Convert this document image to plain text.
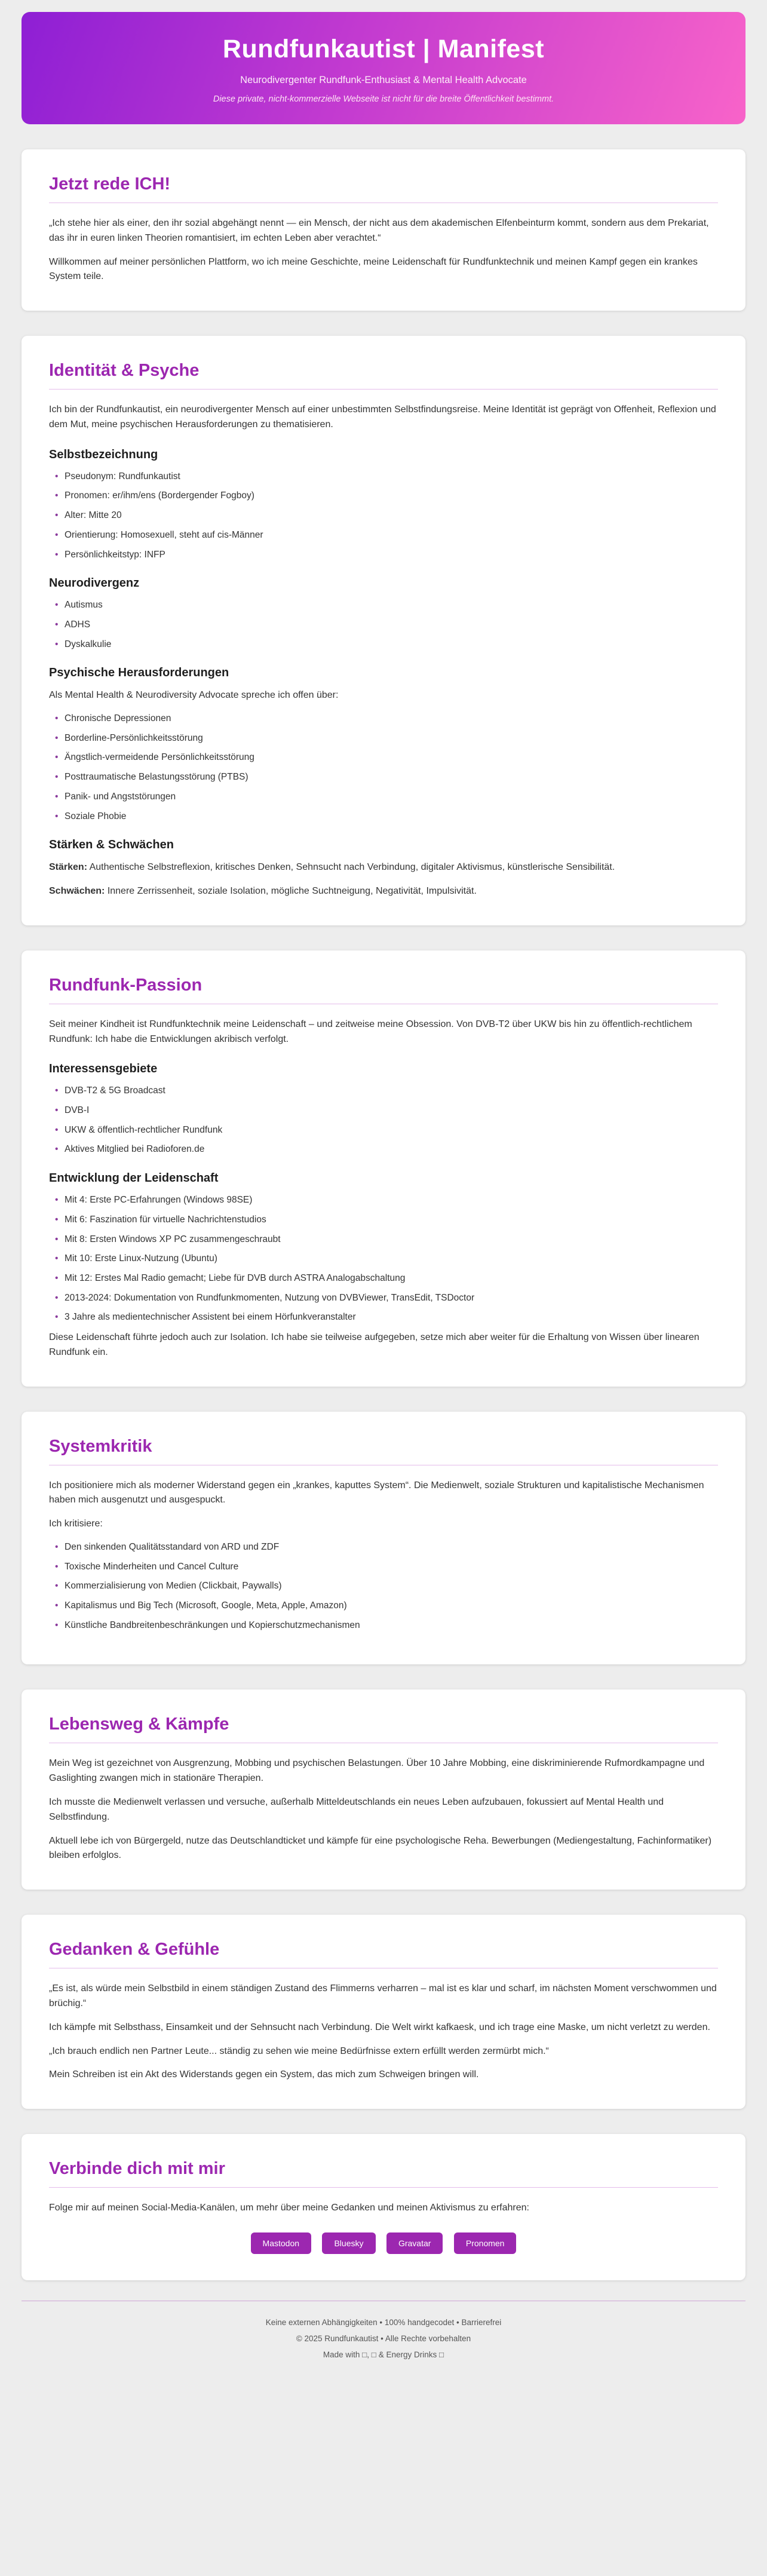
Rundfunkautist | Manifest

Neurodivergenter Rundfunk-Enthusiast & Mental Health Advocate

Diese private, nicht-kommerzielle Webseite ist nicht für die breite Öffentlichkeit bestimmt.

Jetzt rede ICH!

„Ich stehe hier als einer, den ihr sozial abgehängt nennt — ein Mensch, der nicht aus dem akademischen Elfenbeinturm kommt, sondern aus dem Prekariat, das ihr in euren linken Theorien romantisiert, im echten Leben aber verachtet.“

Willkommen auf meiner persönlichen Plattform, wo ich meine Geschichte, meine Leidenschaft für Rundfunktechnik und meinen Kampf gegen ein krankes System teile.

Identität & Psyche

Ich bin der Rundfunkautist, ein neurodivergenter Mensch auf einer unbestimmten Selbstfindungsreise. Meine Identität ist geprägt von Offenheit, Reflexion und dem Mut, meine psychischen Herausforderungen zu thematisieren.

Selbstbezeichnung
• Pseudonym: Rundfunkautist
• Pronomen: er/ihm/ens (Bordergender Fogboy)
• Alter: Mitte 20
• Orientierung: Homosexuell, steht auf cis-Männer
• Persönlichkeitstyp: INFP
Neurodivergenz
• Autismus
• ADHS
• Dyskalkulie
Psychische Herausforderungen

Als Mental Health & Neurodiversity Advocate spreche ich offen über:

• Chronische Depressionen
• Borderline-Persönlichkeitsstörung
• Ängstlich-vermeidende Persönlichkeitsstörung
• Posttraumatische Belastungsstörung (PTBS)
• Panik- und Angststörungen
• Soziale Phobie
Stärken & Schwächen

Stärken: Authentische Selbstreflexion, kritisches Denken, Sehnsucht nach Verbindung, digitaler Aktivismus, künstlerische Sensibilität.

Schwächen: Innere Zerrissenheit, soziale Isolation, mögliche Suchtneigung, Negativität, Impulsivität.

Rundfunk-Passion

Seit meiner Kindheit ist Rundfunktechnik meine Leidenschaft – und zeitweise meine Obsession. Von DVB-T2 über UKW bis hin zu öffentlich-rechtlichem Rundfunk: Ich habe die Entwicklungen akribisch verfolgt.

Interessensgebiete
• DVB-T2 & 5G Broadcast
• DVB-I
• UKW & öffentlich-rechtlicher Rundfunk
• Aktives Mitglied bei Radioforen.de
Entwicklung der Leidenschaft
• Mit 4: Erste PC-Erfahrungen (Windows 98SE)
• Mit 6: Faszination für virtuelle Nachrichtenstudios
• Mit 8: Ersten Windows XP PC zusammengeschraubt
• Mit 10: Erste Linux-Nutzung (Ubuntu)
• Mit 12: Erstes Mal Radio gemacht; Liebe für DVB durch ASTRA Analogabschaltung
• 2013-2024: Dokumentation von Rundfunkmomenten, Nutzung von DVBViewer, TransEdit, TSDoctor
• 3 Jahre als medientechnischer Assistent bei einem Hörfunkveranstalter

Diese Leidenschaft führte jedoch auch zur Isolation. Ich habe sie teilweise aufgegeben, setze mich aber weiter für die Erhaltung von Wissen über linearen Rundfunk ein.

Systemkritik

Ich positioniere mich als moderner Widerstand gegen ein „krankes, kaputtes System“. Die Medienwelt, soziale Strukturen und kapitalistische Mechanismen haben mich ausgenutzt und ausgespuckt.

Ich kritisiere:

• Den sinkenden Qualitätsstandard von ARD und ZDF
• Toxische Minderheiten und Cancel Culture
• Kommerzialisierung von Medien (Clickbait, Paywalls)
• Kapitalismus und Big Tech (Microsoft, Google, Meta, Apple, Amazon)
• Künstliche Bandbreitenbeschränkungen und Kopierschutzmechanismen
Lebensweg & Kämpfe

Mein Weg ist gezeichnet von Ausgrenzung, Mobbing und psychischen Belastungen. Über 10 Jahre Mobbing, eine diskriminierende Rufmordkampagne und Gaslighting zwangen mich in stationäre Therapien.

Ich musste die Medienwelt verlassen und versuche, außerhalb Mitteldeutschlands ein neues Leben aufzubauen, fokussiert auf Mental Health und Selbstfindung.

Aktuell lebe ich von Bürgergeld, nutze das Deutschlandticket und kämpfe für eine psychologische Reha. Bewerbungen (Mediengestaltung, Fachinformatiker) bleiben erfolglos.

Gedanken & Gefühle

„Es ist, als würde mein Selbstbild in einem ständigen Zustand des Flimmerns verharren – mal ist es klar und scharf, im nächsten Moment verschwommen und brüchig.“

Ich kämpfe mit Selbsthass, Einsamkeit und der Sehnsucht nach Verbindung. Die Welt wirkt kafkaesk, und ich trage eine Maske, um nicht verletzt zu werden.

„Ich brauch endlich nen Partner Leute... ständig zu sehen wie meine Bedürfnisse extern erfüllt werden zermürbt mich.“

Mein Schreiben ist ein Akt des Widerstands gegen ein System, das mich zum Schweigen bringen will.

Verbinde dich mit mir

Folge mir auf meinen Social-Media-Kanälen, um mehr über meine Gedanken und meinen Aktivismus zu erfahren:

Mastodon	Bluesky	Gravatar	Pronomen

Keine externen Abhängigkeiten • 100% handgecodet • Barrierefrei

© 2025 Rundfunkautist • Alle Rechte vorbehalten

Made with □, □ & Energy Drinks □
